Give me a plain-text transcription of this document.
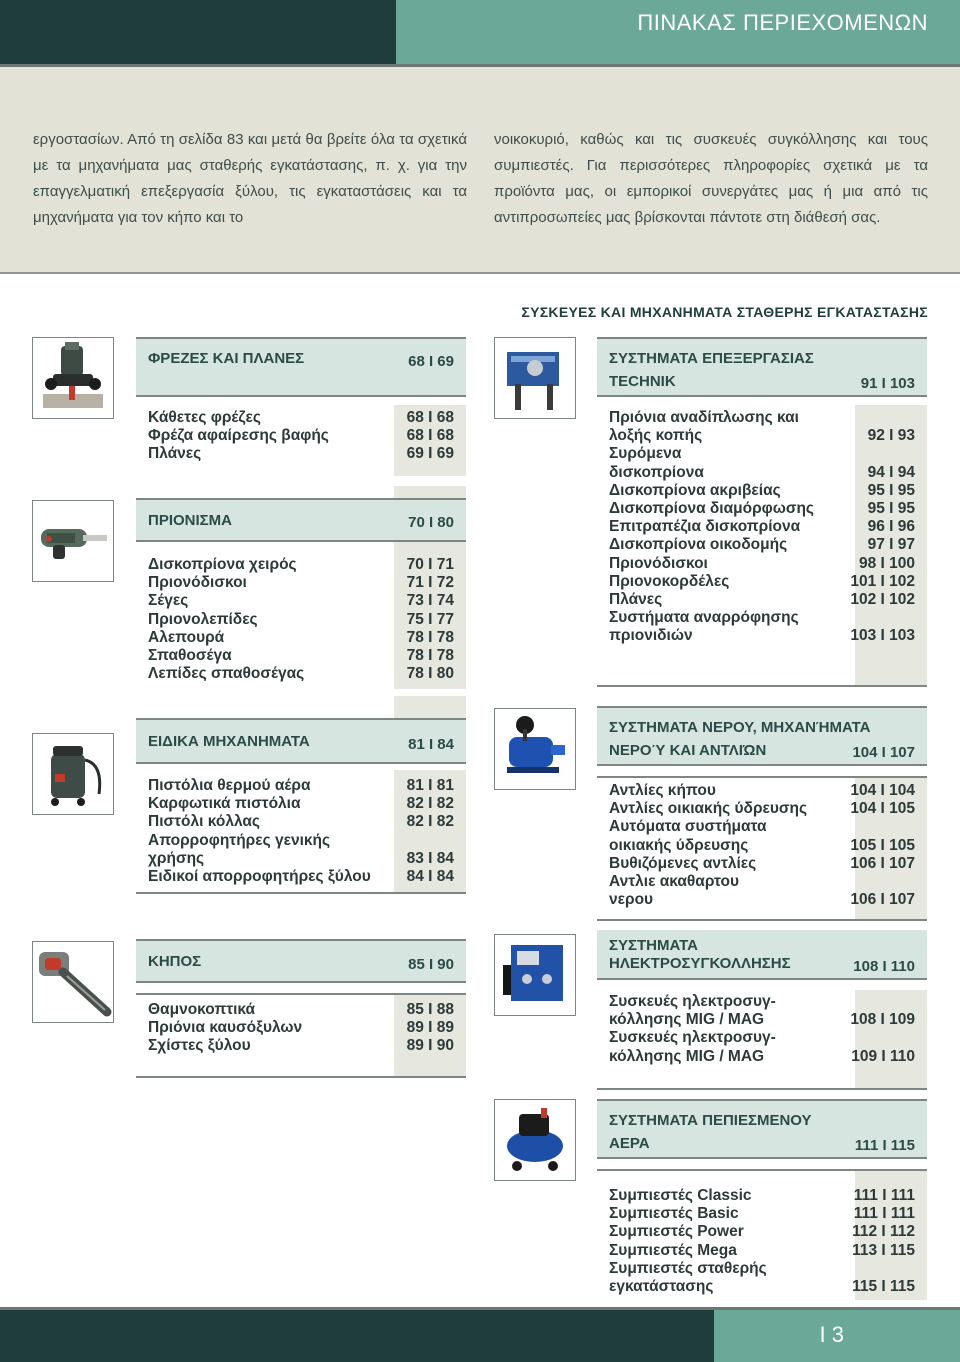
ΠΙΝΑΚΑΣ ΠΕΡΙΕΧΟΜΕΝΩΝ

εργοστασίων. Από τη σελίδα 83 και μετά θα βρείτε όλα τα σχετικά με τα μηχανήματα μας σταθερής εγκατάστασης, π. χ. για την επαγγελματική επεξεργασία ξύλου, τις εγκαταστάσεις και τα μηχανήματα για τον κήπο και το

νοικοκυριό, καθώς και τις συσκευές συγκόλλησης και τους συμπιεστές. Για περισσότερες πληροφορίες σχετικά με τα προϊόντα μας, οι εμπορικοί συνεργάτες μας ή μια από τις αντιπροσωπείες μας βρίσκονται πάντοτε στη διάθεσή σας.

ΣΥΣΚΕΥΕΣ ΚΑΙ ΜΗΧΑΝΗΜΑΤΑ ΣΤΑΘΕΡΗΣ ΕΓΚΑΤΑΣΤΑΣΗΣ
ΦΡΕΖΕΣ ΚΑΙ ΠΛΑΝΕΣ	68 I 69
Κάθετες φρέζες	68 I 68
Φρέζα αφαίρεσης βαφής	68 I 68
Πλάνες	69 I 69
ΠΡΙΟΝΙΣΜΑ	70 I 80
Δισκοπρίονα χειρός	70 I 71
Πριονόδισκοι	71 I 72
Σέγες	73 I 74
Πριονολεπίδες	75 I 77
Αλεπουρά	78 I 78
Σπαθοσέγα	78 I 78
Λεπίδες σπαθοσέγας	78 I 80
ΕΙΔΙΚΑ ΜΗΧΑΝΗΜΑΤΑ	81 I 84
Πιστόλια θερμού αέρα	81 I 81
Καρφωτικά πιστόλια	82 I 82
Πιστόλι κόλλας	82 I 82
Απορροφητήρες γενικής
χρήσης	83 I 84
Ειδικοί απορροφητήρες ξύλου 84 I 84
ΚΗΠΟΣ	85 I 90
Θαμνοκοπτικά	85 I 88
Πριόνια καυσόξυλων	89 I 89
Σχίστες ξύλου	89 I 90
ΣΥΣΤΗΜΑΤΑ ΕΠΕΞΕΡΓΑΣΙΑΣ
TECHNIK	91 I 103
Πριόνια αναδίπλωσης και
λοξής κοπής	92 I 93
Συρόμενα
δισκοπρίονα	94 I 94
Δισκοπρίονα ακριβείας	95 I 95
Δισκοπρίονα διαμόρφωσης	95 I 95
Επιτραπέζια δισκοπρίονα	96 I 96
Δισκοπρίονα οικοδομής	97 I 97
Πριονόδισκοι	98 I 100
Πριονοκορδέλες	101 I 102
Πλάνες	102 I 102
Συστήματα αναρρόφησης
πριονιδιών	103 I 103
ΣΥΣΤΗΜΑΤΑ ΝΕΡΟΥ, ΜΗΧΑΝΉΜΑΤΑ
ΝΕΡΟΎ ΚΑΙ ΑΝΤΛΙΏΝ	104 I 107
Αντλίες κήπου	104 I 104
Αντλίες οικιακής ύδρευσης	104 I 105
Αυτόματα συστήματα
οικιακής ύδρευσης	105 I 105
Βυθιζόμενες αντλίες	106 I 107
Αντλιε ακαθαρτου
νερου	106 I 107
ΣΥΣΤΗΜΑΤΑ
ΗΛΕΚΤΡΟΣΥΓΚΟΛΛΗΣΗΣ	108 I 110
Συσκευές ηλεκτροσυγ-
κόλλησης MIG / MAG	108 I 109
Συσκευές ηλεκτροσυγ-
κόλλησης MIG / MAG	109 I 110
ΣΥΣΤΗΜΑΤΑ ΠΕΠΙΕΣΜΕΝΟΥ
ΑΕΡΑ	111 I 115
Συμπιεστές Classic	111 I 111
Συμπιεστές Basic	111 I 111
Συμπιεστές Power	112 I 112
Συμπιεστές Mega	113 I 115
Συμπιεστές σταθερής
εγκατάστασης	115 I 115
I 3
